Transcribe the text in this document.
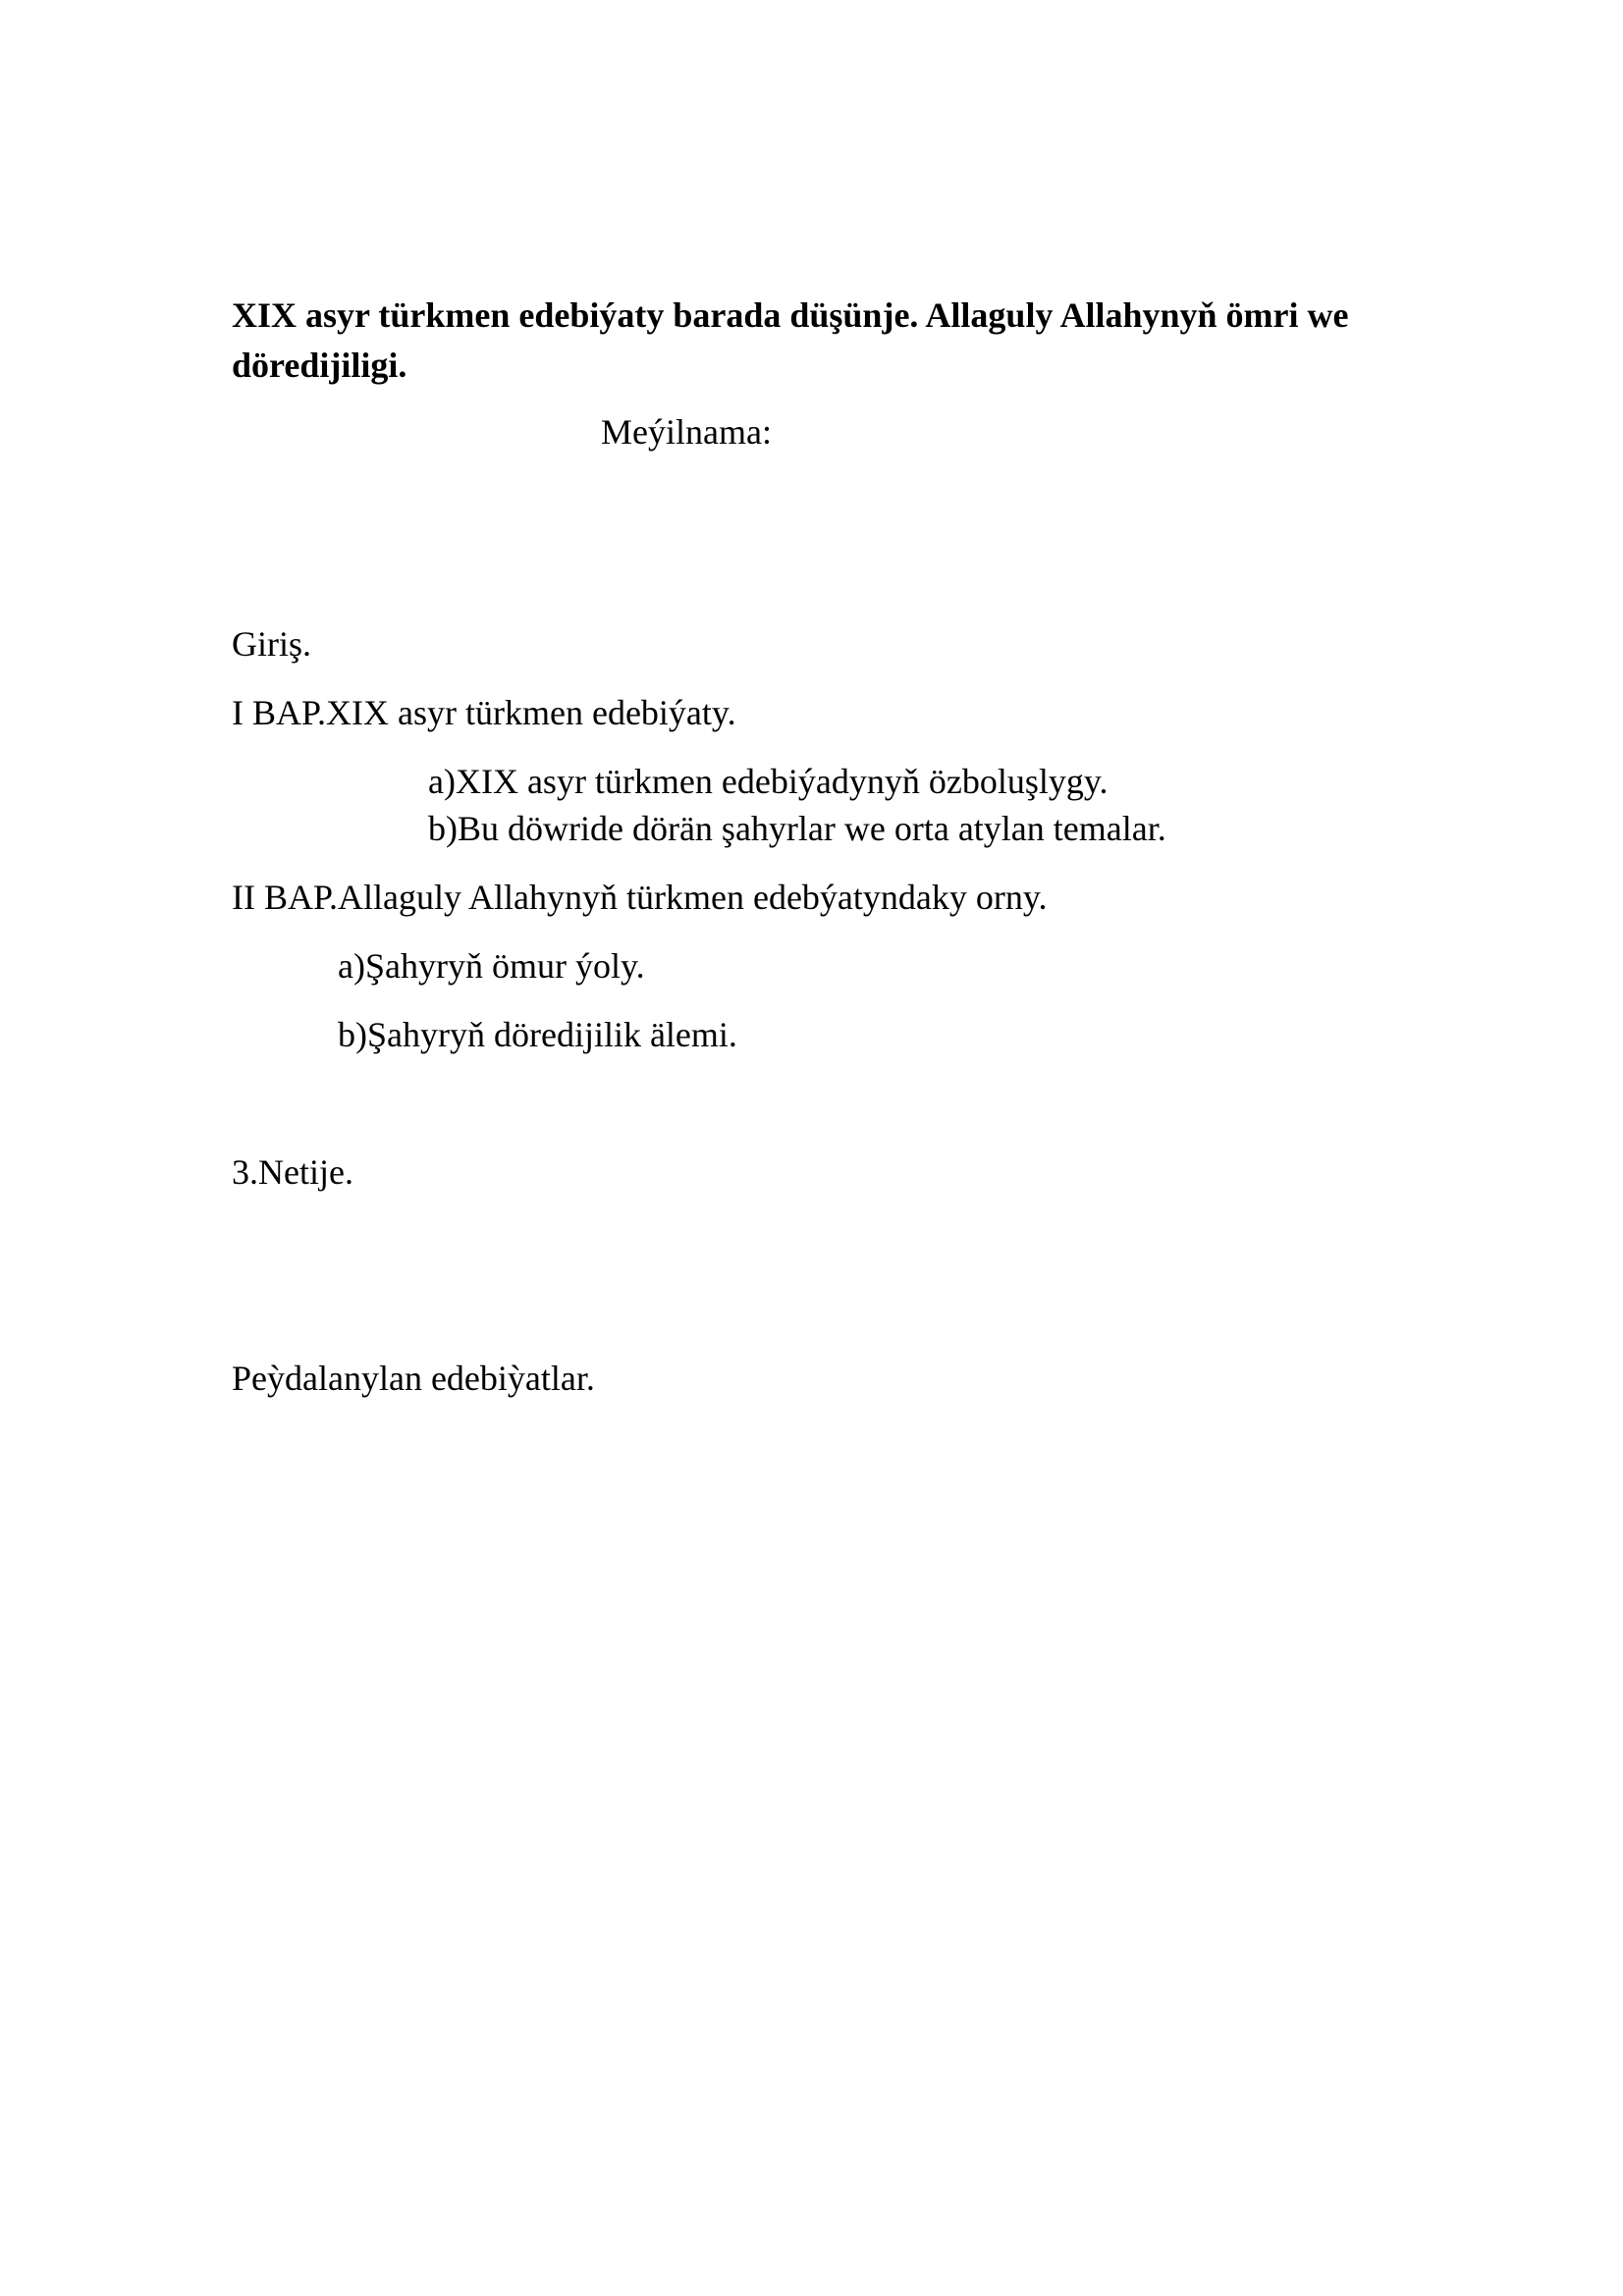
XIX asyr türkmen edebiýaty barada düşünje. Allaguly Allahynyň ömri we
döredijiligi.
Meýilnama:
Giriş.
I BAP.XIX asyr türkmen edebiýaty.
a)XIX asyr türkmen edebiýadynyň özboluşlygy.
b)Bu döwride dörän şahyrlar we orta atylan temalar.
II BAP.Allaguly Allahynyň türkmen edebýatyndaky orny.
a)Şahyryň ömur ýoly.
b)Şahyryň döredijilik älemi.
3.Netije.
Peỳdalanylan edebiỳatlar.
